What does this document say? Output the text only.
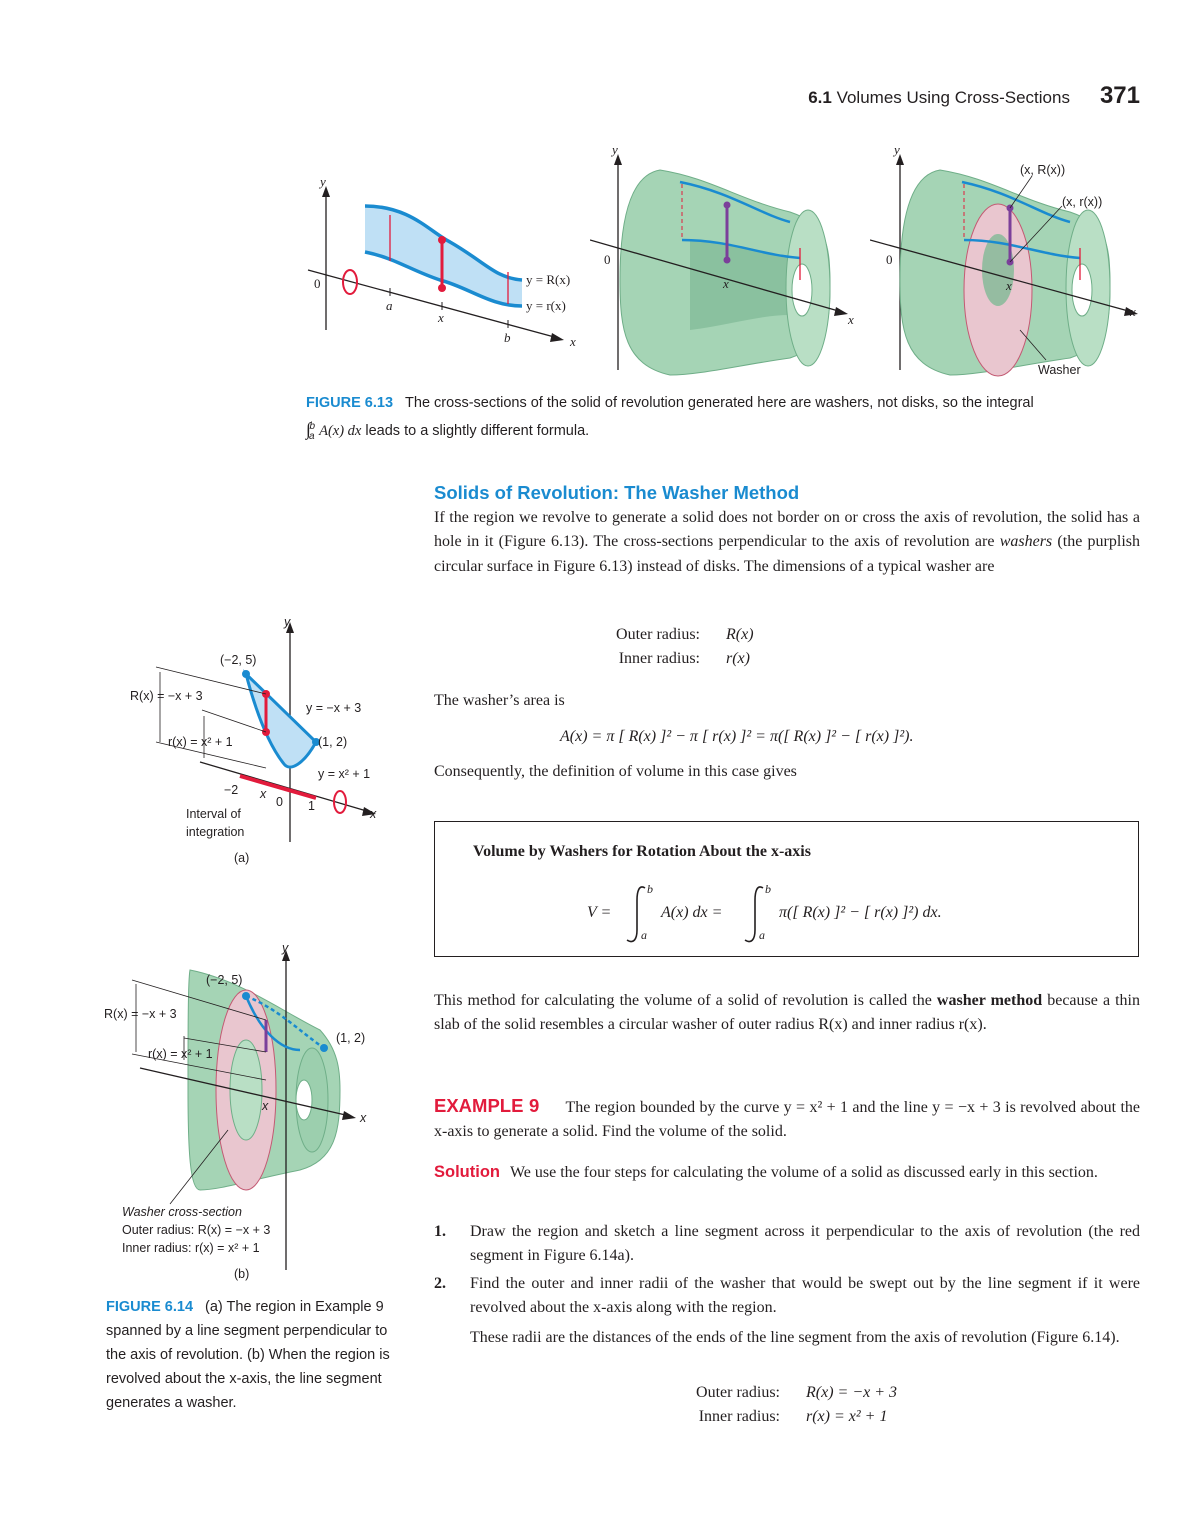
6.1 Volumes Using Cross-Sections 371
y
x
0
a
x
b
y = R(x)
y = r(x)
y
x
0
x
y
x
0
x
(x, R(x))
(x, r(x))
Washer
FIGURE 6.13 The cross-sections of the solid of revolution generated here are washers, not disks, so the integral
$\int_a^b$ A(x) dx leads to a slightly different formula.
Solids of Revolution: The Washer Method

If the region we revolve to generate a solid does not border on or cross the axis of revolution, the solid has a hole in it (Figure 6.13). The cross-sections perpendicular to the axis of revolution are washers (the purplish circular surface in Figure 6.13) instead of disks. The dimensions of a typical washer are

Outer radius: R(x)
Inner radius: r(x)
The washer’s area is
A(x) = π [ R(x) ]² − π [ r(x) ]² = π([ R(x) ]² − [ r(x) ]²).
Consequently, the definition of volume in this case gives
Volume by Washers for Rotation About the x-axis
V =
b
a
A(x) dx =
b
a
π([ R(x) ]² − [ r(x) ]²) dx.

This method for calculating the volume of a solid of revolution is called the washer method because a thin slab of the solid resembles a circular washer of outer radius R(x) and inner radius r(x).

EXAMPLE 9 The region bounded by the curve y = x² + 1 and the line y = −x + 3 is revolved about the x-axis to generate a solid. Find the volume of the solid.

Solution We use the four steps for calculating the volume of a solid as discussed early in this section.

1. Draw the region and sketch a line segment across it perpendicular to the axis of revolution (the red segment in Figure 6.14a).
2. Find the outer and inner radii of the washer that would be swept out by the line segment if it were revolved about the x-axis along with the region.
These radii are the distances of the ends of the line segment from the axis of revolution (Figure 6.14).
Outer radius: R(x) = −x + 3
Inner radius: r(x) = x² + 1
y
x
(−2, 5)
(1, 2)
R(x) = −x + 3
r(x) = x² + 1
y = −x + 3
y = x² + 1
−2 x
0 1
Interval of
integration
(a)
y
x
(−2, 5)
(1, 2)
R(x) = −x + 3
r(x) = x² + 1
x
Washer cross-section
Outer radius: R(x) = −x + 3
Inner radius: r(x) = x² + 1
(b)
FIGURE 6.14 (a) The region in Example 9 spanned by a line segment perpendicular to the axis of revolution. (b) When the region is revolved about the x-axis, the line segment generates a washer.
